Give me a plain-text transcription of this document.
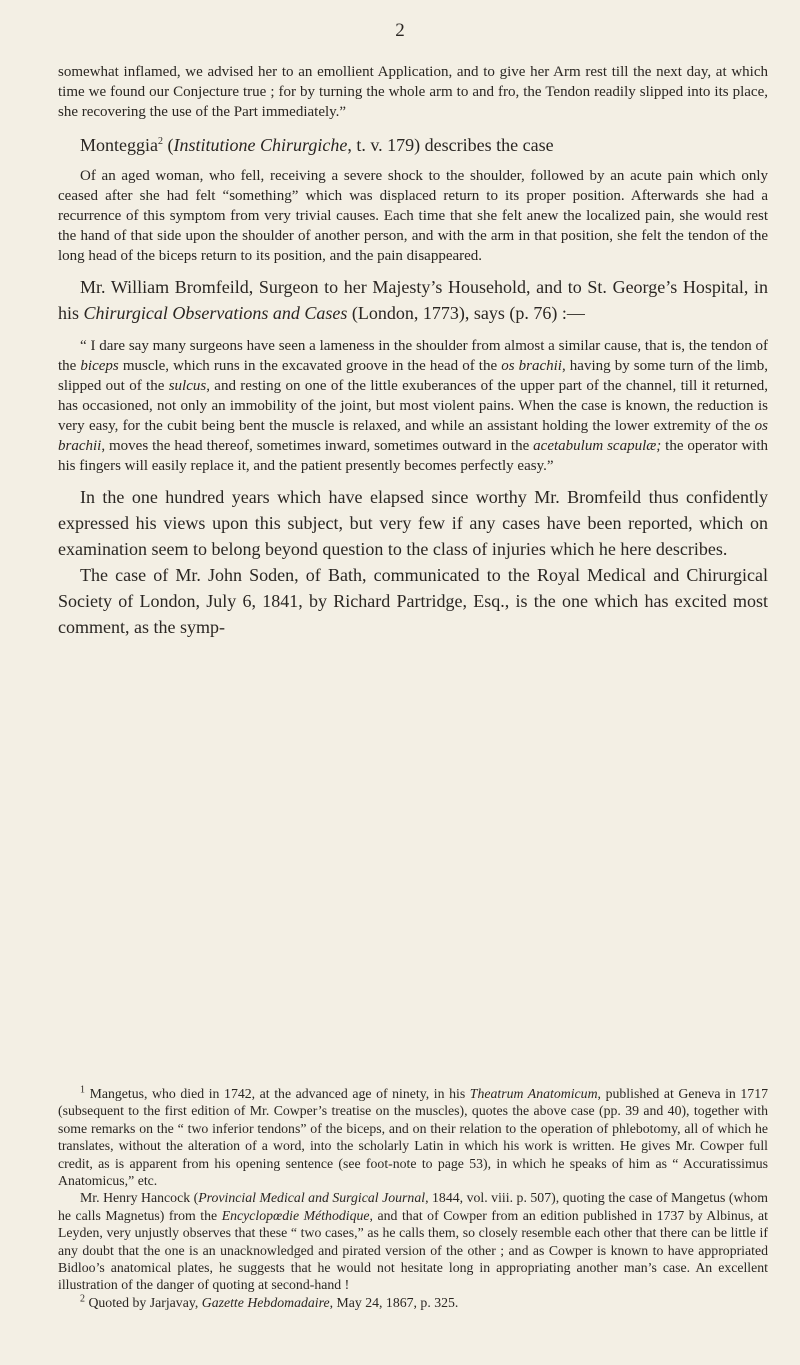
2

somewhat inflamed, we advised her to an emollient Application, and to give her Arm rest till the next day, at which time we found our Conjecture true ; for by turning the whole arm to and fro, the Tendon readily slipped into its place, she recovering the use of the Part immediately.”

Monteggia$^2$ (Institutione Chirurgiche, t. v. 179) describes the case

Of an aged woman, who fell, receiving a severe shock to the shoulder, followed by an acute pain which only ceased after she had felt “something” which was displaced return to its proper position. Afterwards she had a recurrence of this symptom from very trivial causes. Each time that she felt anew the localized pain, she would rest the hand of that side upon the shoulder of another person, and with the arm in that position, she felt the tendon of the long head of the biceps return to its position, and the pain disappeared.

Mr. William Bromfeild, Surgeon to her Majesty’s Household, and to St. George’s Hospital, in his Chirurgical Observations and Cases (London, 1773), says (p. 76) :—

“ I dare say many surgeons have seen a lameness in the shoulder from almost a similar cause, that is, the tendon of the biceps muscle, which runs in the excavated groove in the head of the os brachii, having by some turn of the limb, slipped out of the sulcus, and resting on one of the little exuberances of the upper part of the channel, till it returned, has occasioned, not only an immobility of the joint, but most violent pains. When the case is known, the reduction is very easy, for the cubit being bent the muscle is relaxed, and while an assistant holding the lower extremity of the os brachii, moves the head thereof, sometimes inward, sometimes outward in the acetabulum scapulæ; the operator with his fingers will easily replace it, and the patient presently becomes perfectly easy.”

In the one hundred years which have elapsed since worthy Mr. Bromfeild thus confidently expressed his views upon this subject, but very few if any cases have been reported, which on examination seem to belong beyond question to the class of injuries which he here describes.

The case of Mr. John Soden, of Bath, communicated to the Royal Medical and Chirurgical Society of London, July 6, 1841, by Richard Partridge, Esq., is the one which has excited most comment, as the symp-

$^1$ Mangetus, who died in 1742, at the advanced age of ninety, in his Theatrum Anatomicum, published at Geneva in 1717 (subsequent to the first edition of Mr. Cowper’s treatise on the muscles), quotes the above case (pp. 39 and 40), together with some remarks on the “ two inferior tendons” of the biceps, and on their relation to the operation of phlebotomy, all of which he translates, without the alteration of a word, into the scholarly Latin in which his work is written. He gives Mr. Cowper full credit, as is apparent from his opening sentence (see foot-note to page 53), in which he speaks of him as “ Accuratissimus Anatomicus,” etc.

Mr. Henry Hancock (Provincial Medical and Surgical Journal, 1844, vol. viii. p. 507), quoting the case of Mangetus (whom he calls Magnetus) from the Encyclopœdie Méthodique, and that of Cowper from an edition published in 1737 by Albinus, at Leyden, very unjustly observes that these “ two cases,” as he calls them, so closely resemble each other that there can be little if any doubt that the one is an unacknowledged and pirated version of the other ; and as Cowper is known to have appropriated Bidloo’s anatomical plates, he suggests that he would not hesitate long in appropriating another man’s case. An excellent illustration of the danger of quoting at second-hand !

$^2$ Quoted by Jarjavay, Gazette Hebdomadaire, May 24, 1867, p. 325.
